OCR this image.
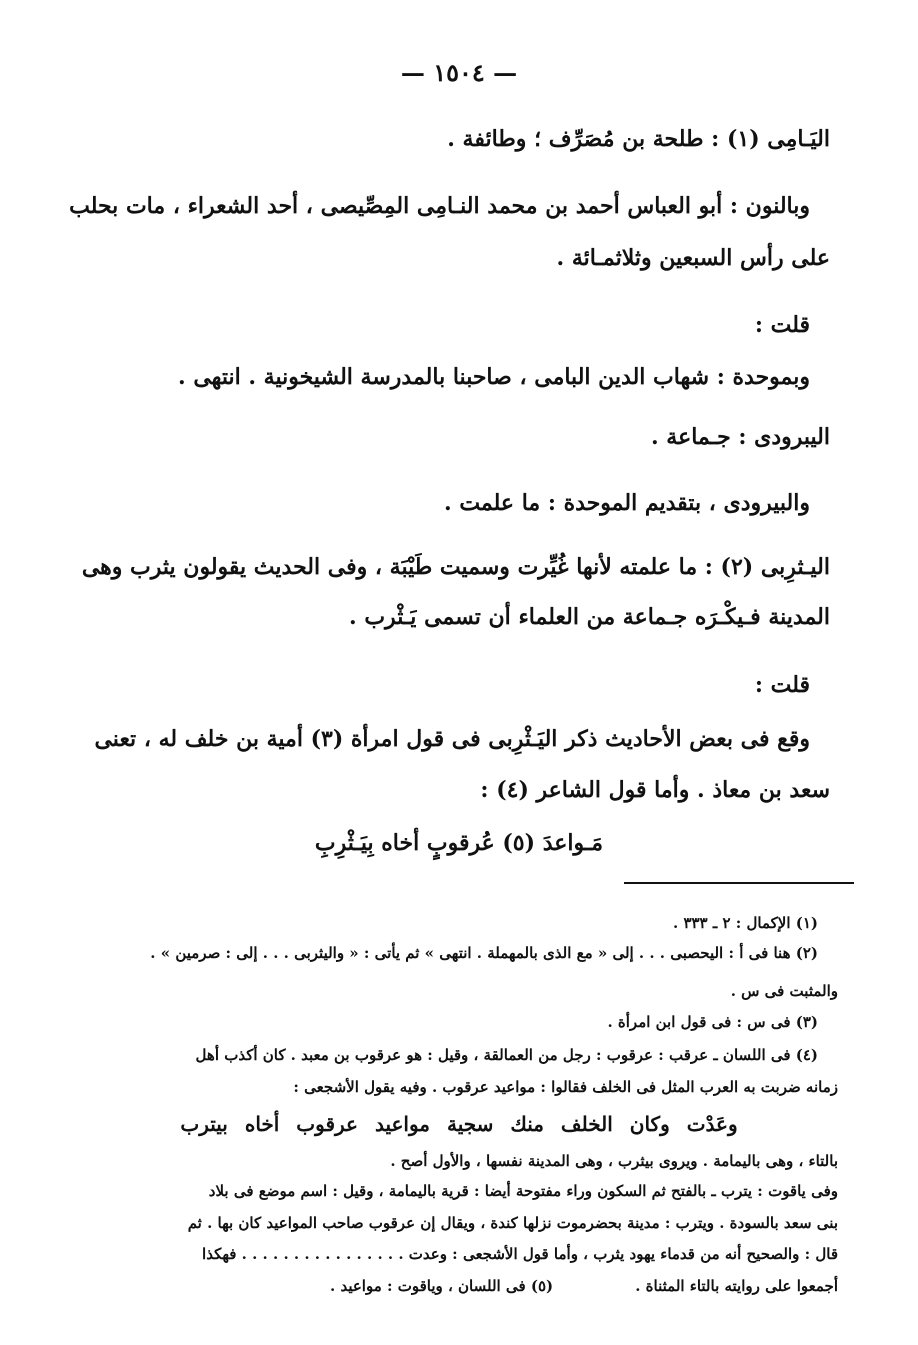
— ١٥٠٤ —
اليَـامِى (١) : طلحة بن مُصَرِّف ؛ وطائفة .
وبالنون : أبو العباس أحمد بن محمد النـامِى المِصِّيصى ، أحد الشعراء ، مات بحلب
على رأس السبعين وثلاثمـائة .
قلت :
وبموحدة : شهاب الدين البامى ، صاحبنا بالمدرسة الشيخونية . انتهى .
اليبرودى : جـماعة .
والبيرودى ، بتقديم الموحدة : ما علمت .
اليـثرِبى (٢) : ما علمته لأنها غُيِّرت وسميت طَيْبَة ، وفى الحديث يقولون يثرب وهى
المدينة فـيكْـرَه جـماعة من العلماء أن تسمى يَـثْرب .
قلت :
وقع فى بعض الأحاديث ذكر اليَـثْرِبى فى قول امرأة (٣) أمية بن خلف له ، تعنى
سعد بن معاذ . وأما قول الشاعر (٤) :
مَـواعدَ (٥) عُرقوبٍ أخاه بِيَـثْرِبِ
(١) الإكمال : ٢ ـ ٣٣٣ .
(٢) هنا فى أ : اليحصبى . . . إلى « مع الذى بالمهملة . انتهى » ثم يأتى : « واليثربى . . . إلى : صرمين » .
والمثبت فى س .
(٣) فى س : فى قول ابن امرأة .
(٤) فى اللسان ـ عرقب : عرقوب : رجل من العمالقة ، وقيل : هو عرقوب بن معبد . كان أكذب أهل
زمانه ضربت به العرب المثل فى الخلف فقالوا : مواعيد عرقوب . وفيه يقول الأشجعى :
وعَدْت وكان الخلف منك سجية مواعيد عرقوب أخاه بيترب
بالتاء ، وهى باليمامة . ويروى بيثرب ، وهى المدينة نفسها ، والأول أصح .
وفى ياقوت : يترب ـ بالفتح ثم السكون وراء مفتوحة أيضا : قرية باليمامة ، وقيل : اسم موضع فى بلاد
بنى سعد بالسودة . ويترب : مدينة بحضرموت نزلها كندة ، ويقال إن عرقوب صاحب المواعيد كان بها . ثم
قال : والصحيح أنه من قدماء يهود يثرب ، وأما قول الأشجعى : وعدت . . . . . . . . . . . . . . . . فهكذا
أجمعوا على روايته بالتاء المثناة .
(٥) فى اللسان ، وياقوت : مواعيد .
